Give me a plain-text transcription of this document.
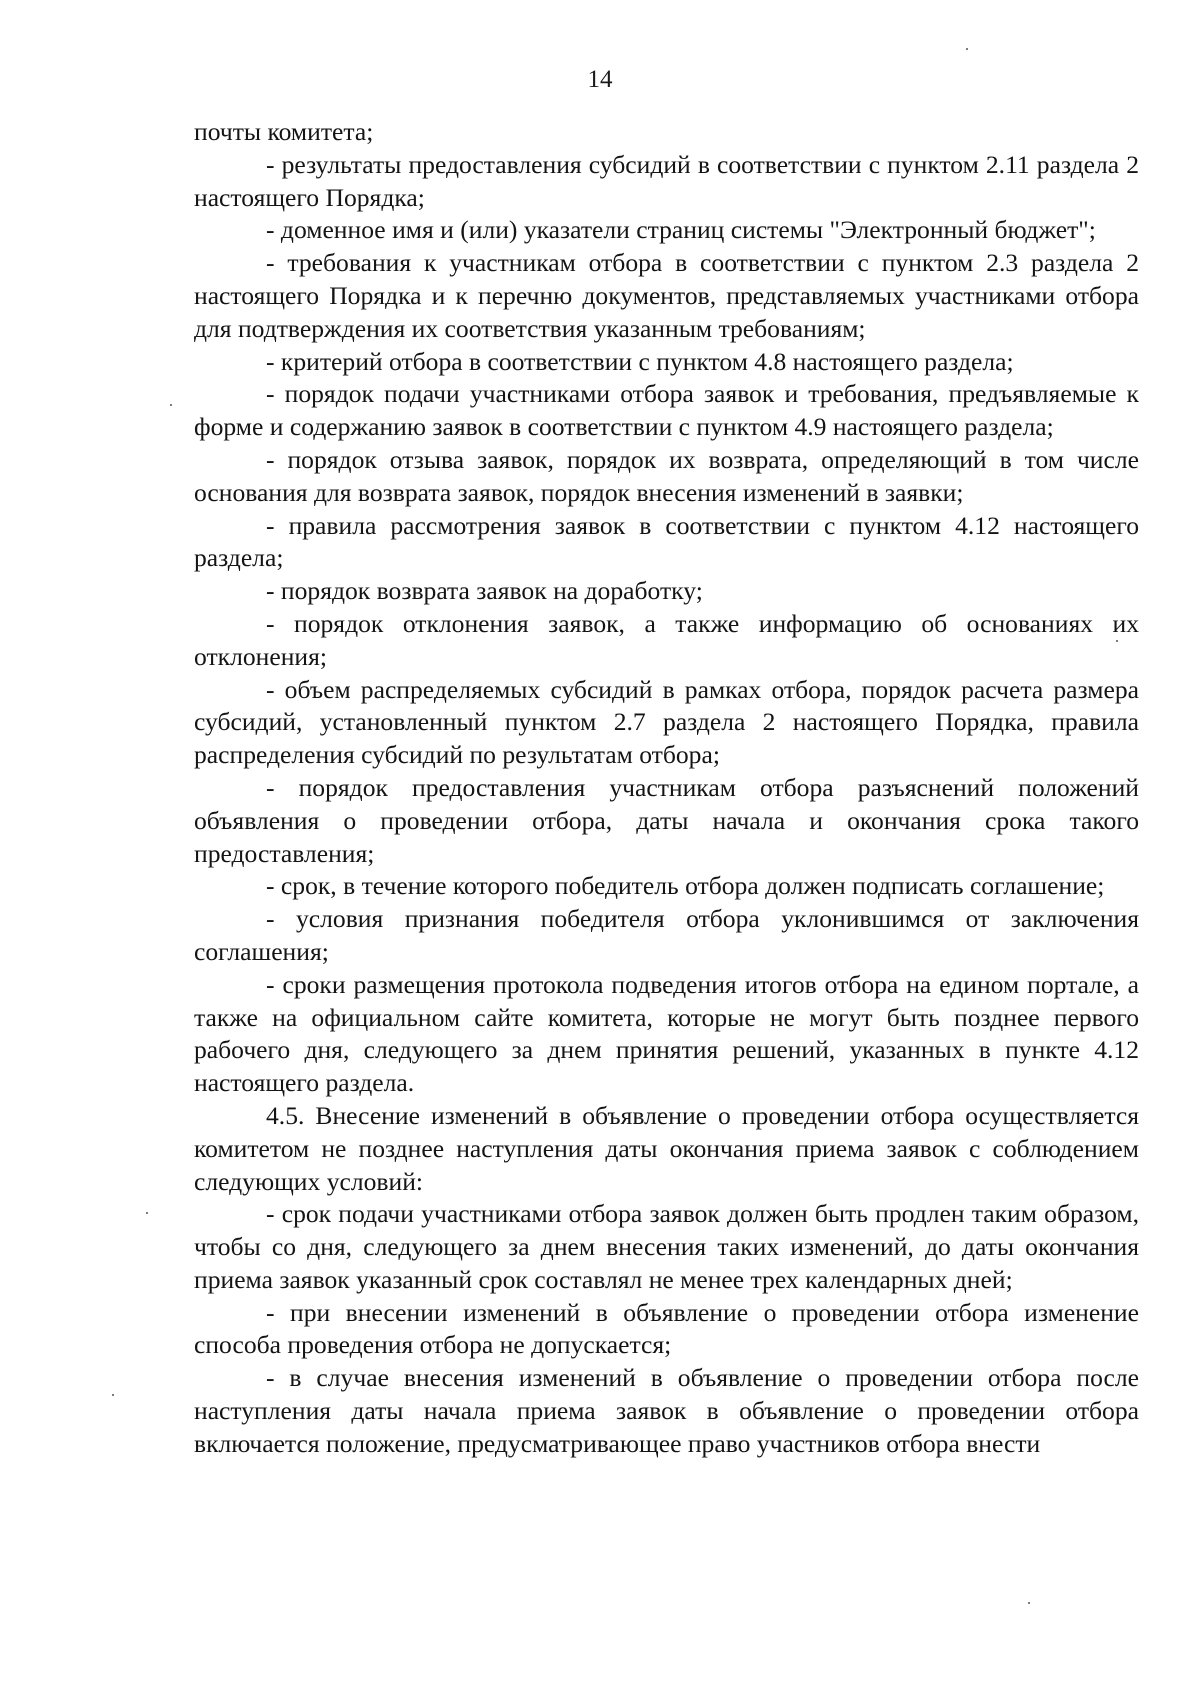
14

почты комитета;

- результаты предоставления субсидий в соответствии с пунктом 2.11 раздела 2 настоящего Порядка;

- доменное имя и (или) указатели страниц системы "Электронный бюджет";

- требования к участникам отбора в соответствии с пунктом 2.3 раздела 2 настоящего Порядка и к перечню документов, представляемых участниками отбора для подтверждения их соответствия указанным требованиям;

- критерий отбора в соответствии с пунктом 4.8 настоящего раздела;

- порядок подачи участниками отбора заявок и требования, предъявляемые к форме и содержанию заявок в соответствии с пунктом 4.9 настоящего раздела;

- порядок отзыва заявок, порядок их возврата, определяющий в том числе основания для возврата заявок, порядок внесения изменений в заявки;

- правила рассмотрения заявок в соответствии с пунктом 4.12 настоящего раздела;

- порядок возврата заявок на доработку;

- порядок отклонения заявок, а также информацию об основаниях их отклонения;

- объем распределяемых субсидий в рамках отбора, порядок расчета размера субсидий, установленный пунктом 2.7 раздела 2 настоящего Порядка, правила распределения субсидий по результатам отбора;

- порядок предоставления участникам отбора разъяснений положений объявления о проведении отбора, даты начала и окончания срока такого предоставления;

- срок, в течение которого победитель отбора должен подписать соглашение;

- условия признания победителя отбора уклонившимся от заключения соглашения;

- сроки размещения протокола подведения итогов отбора на едином портале, а также на официальном сайте комитета, которые не могут быть позднее первого рабочего дня, следующего за днем принятия решений, указанных в пункте 4.12 настоящего раздела.

4.5. Внесение изменений в объявление о проведении отбора осуществляется комитетом не позднее наступления даты окончания приема заявок с соблюдением следующих условий:

- срок подачи участниками отбора заявок должен быть продлен таким образом, чтобы со дня, следующего за днем внесения таких изменений, до даты окончания приема заявок указанный срок составлял не менее трех календарных дней;

- при внесении изменений в объявление о проведении отбора изменение способа проведения отбора не допускается;

- в случае внесения изменений в объявление о проведении отбора после наступления даты начала приема заявок в объявление о проведении отбора включается положение, предусматривающее право участников отбора внести
